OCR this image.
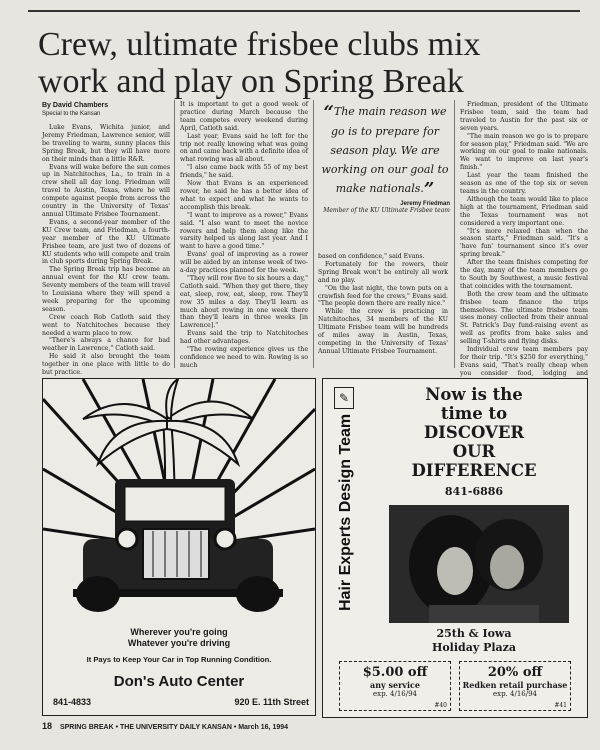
Crew, ultimate frisbee clubs mix
work and play on Spring Break
By David Chambers
Special to the Kansan

Luke Evans, Wichita junior, and Jeremy Friedman, Lawrence senior, will be traveling to warm, sunny places this Spring Break, but they will have more on their minds than a little R&R.

Evans will wake before the sun comes up in Natchitoches, La., to train in a crew shell all day long. Friedman will travel to Austin, Texas, where he will compete against people from across the country in the University of Texas' annual Ultimate Frisbee Tournament.

Evans, a second-year member of the KU Crew team, and Friedman, a fourth-year member of the KU Ultimate Frisbee team, are just two of dozens of KU students who will compete and train in club sports during Spring Break.

The Spring Break trip has become an annual event for the KU crew team. Seventy members of the team will travel to Louisiana where they will spend a week preparing for the upcoming season.

Crew coach Rob Catloth said they went to Natchitoches because they needed a warm place to row.

"There's always a chance for bad weather in Lawrence," Catloth said.

He said it also brought the team together in one place with little to do but practice.

It is important to get a good week of practice during March because the team competes every weekend during April, Catloth said.

Last year, Evans said he left for the trip not really knowing what was going on and came back with a definite idea of what rowing was all about.

"I also came back with 55 of my best friends," he said.

Now that Evans is an experienced rower, he said he has a better idea of what to expect and what he wants to accomplish this break.

"I want to improve as a rower," Evans said. "I also want to meet the novice rowers and help them along like the varsity helped us along last year. And I want to have a good time."

Evans' goal of improving as a rower will be aided by an intense week of two-a-day practices planned for the week.

"They will row five to six hours a day," Catloth said. "When they get there, they eat, sleep, row, eat, sleep, row. They'll row 35 miles a day. They'll learn as much about rowing in one week there than they'll learn in three weeks [in Lawrence]."

Evans said the trip to Natchitoches had other advantages.

"The rowing experience gives us the confidence we need to win. Rowing is so much

“The main reason we go is to prepare for season play. We are working on our goal to make nationals.”
Jeremy Friedman
Member of the KU Ultimate Frisbee team

based on confidence," said Evans.

Fortunately for the rowers, their Spring Break won't be entirely all work and no play.

"On the last night, the town puts on a crawfish feed for the crews," Evans said. "The people down there are really nice."

While the crew is practicing in Natchitoches, 34 members of the KU Ultimate Frisbee team will be hundreds of miles away in Austin, Texas, competing in the University of Texas' Annual Ultimate Frisbee Tournament.

Friedman, president of the Ultimate Frisbee team, said the team had traveled to Austin for the past six or seven years.

"The main reason we go is to prepare for season play," Friedman said. "We are working on our goal to make nationals. We want to improve on last year's finish."

Last year the team finished the season as one of the top six or seven teams in the country.

Although the team would like to place high at the tournament, Friedman said the Texas tournament was not considered a very important one.

"It's more relaxed than when the season starts," Friedman said. "It's a 'have fun' tournament since it's over spring break."

After the team finishes competing for the day, many of the team members go to South by Southwest, a music festival that coincides with the tournament.

Both the crew team and the ultimate frisbee team finance the trips themselves. The ultimate frisbee team uses money collected from their annual St. Patrick's Day fund-raising event as well as profits from bake sales and selling T-shirts and flying disks.

Individual crew team members pay for their trip. "It's $250 for everything," Evans said, "That's really cheap when you consider food, lodging and

Wherever you're going
Whatever you're driving
It Pays to Keep Your Car in Top Running Condition.
Don's Auto Center
841-4833	920 E. 11th Street
✎
Hair Experts Design Team
Now is the
time to
DISCOVER
OUR
DIFFERENCE
841-6886
25th & Iowa
Holiday Plaza
$5.00 off
any service
exp. 4/16/94
#40
20% off
Redken retail purchase
exp. 4/16/94
#41
18 SPRING BREAK • THE UNIVERSITY DAILY KANSAN • March 16, 1994
